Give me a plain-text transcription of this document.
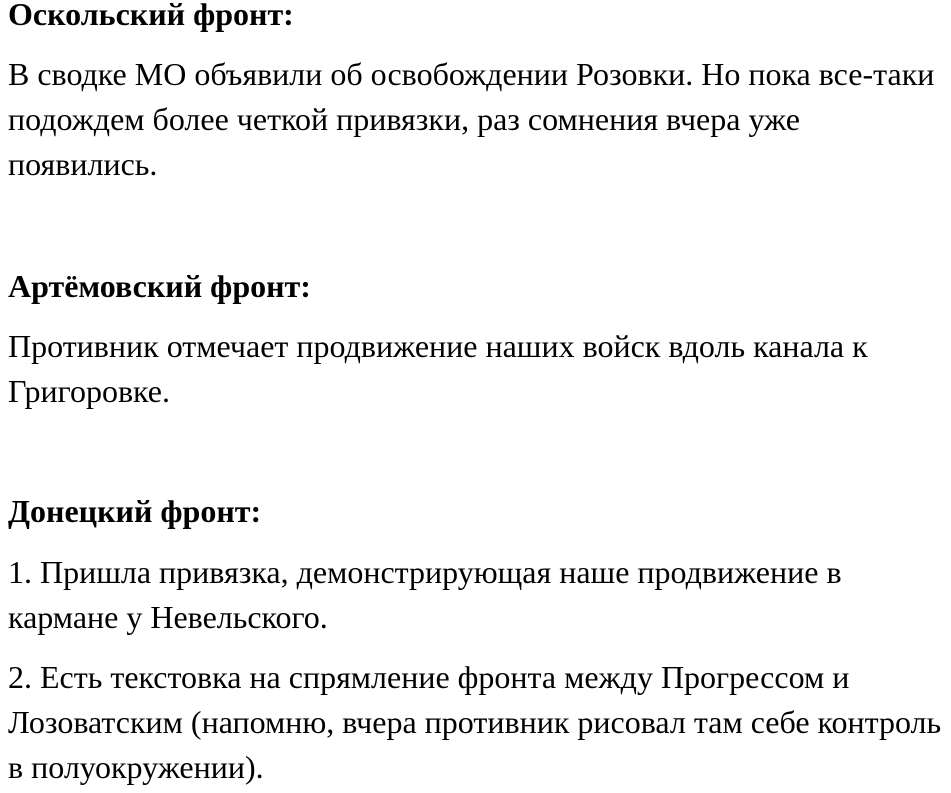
Оскольский фронт:

В сводке МО объявили об освобождении Розовки. Но пока все-таки подождем более четкой привязки, раз сомнения вчера уже появились.

Артёмовский фронт:

Противник отмечает продвижение наших войск вдоль канала к Григоровке.

Донецкий фронт:

1. Пришла привязка, демонстрирующая наше продвижение в кармане у Невельского.

2. Есть текстовка на спрямление фронта между Прогрессом и Лозоватским (напомню, вчера противник рисовал там себе контроль в полуокружении).
